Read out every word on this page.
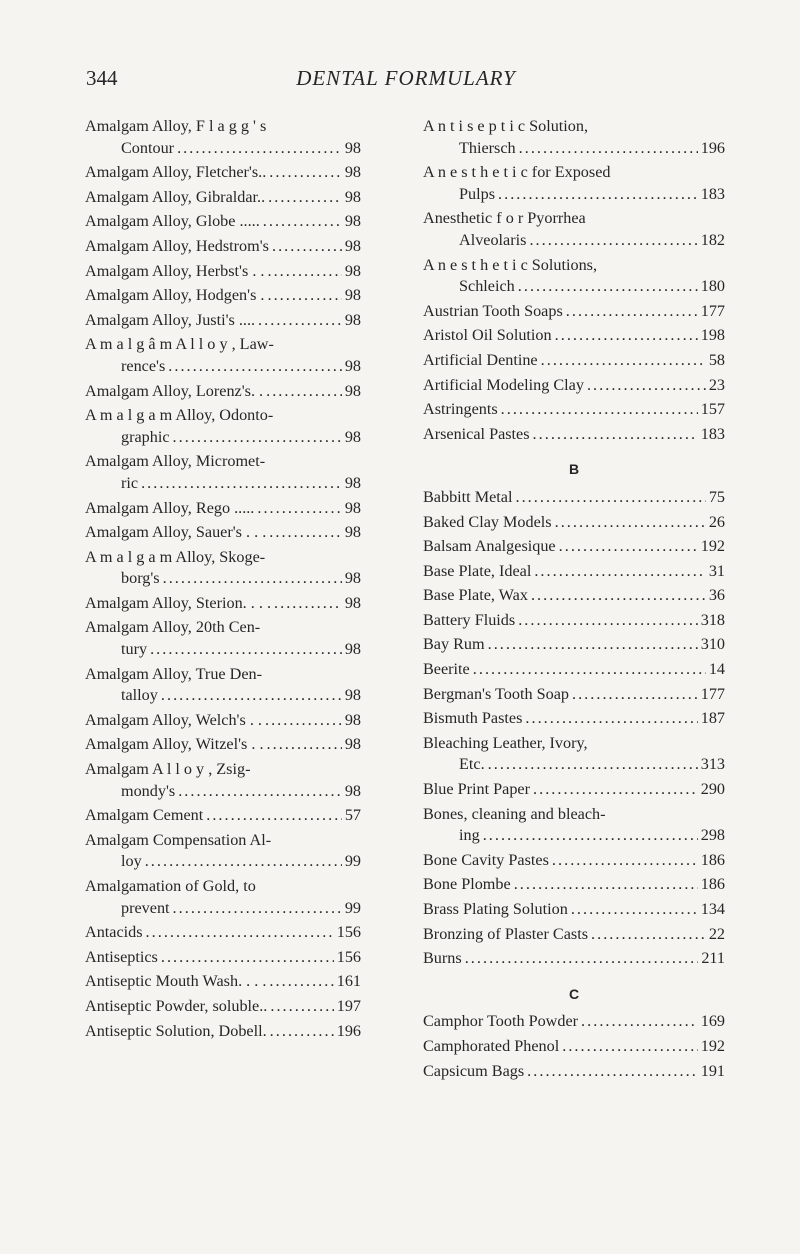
344	DENTAL FORMULARY
Amalgam Alloy, F l a g g ' s
Contour . . .	98
Amalgam Alloy, Fletcher's.. . . .	98
Amalgam Alloy, Gibraldar.. . . .	98
Amalgam Alloy, Globe ..... . . .	98
Amalgam Alloy, Hedstrom's . . .	98
Amalgam Alloy, Herbst's . . . . .	98
Amalgam Alloy, Hodgen's . . . .	98
Amalgam Alloy, Justi's .... . . .	98
A m a l g â m A l l o y , Law-
rence's . . .	98
Amalgam Alloy, Lorenz's. . . . .	98
A m a l g a m Alloy, Odonto-
graphic . . .	98
Amalgam Alloy, Micromet-
ric . . .	98
Amalgam Alloy, Rego ..... . . .	98
Amalgam Alloy, Sauer's . . . . . .	98
A m a l g a m Alloy, Skoge-
borg's . . .	98
Amalgam Alloy, Sterion. . . . . . .	98
Amalgam Alloy, 20th Cen-
tury . . .	98
Amalgam Alloy, True Den-
talloy . . .	98
Amalgam Alloy, Welch's . . . . .	98
Amalgam Alloy, Witzel's . . . . .	98
Amalgam A l l o y , Zsig-
mondy's . . .	98
Amalgam Cement . . .	57
Amalgam Compensation Al-
loy . . .	99
Amalgamation of Gold, to
prevent . . .	99
Antacids . . .	156
Antiseptics . . .	156
Antiseptic Mouth Wash. . . . . . .	161
Antiseptic Powder, soluble.. . . .	197
Antiseptic Solution, Dobell. . . .	196
A n t i s e p t i c Solution,
Thiersch . . .	196
A n e s t h e t i c for Exposed
Pulps . . .	183
Anesthetic f o r Pyorrhea
Alveolaris . . .	182
A n e s t h e t i c Solutions,
Schleich . . .	180
Austrian Tooth Soaps . . .	177
Aristol Oil Solution . . .	198
Artificial Dentine . . .	58
Artificial Modeling Clay . . .	23
Astringents . . .	157
Arsenical Pastes . . .	183
B
Babbitt Metal . . .	75
Baked Clay Models . . .	26
Balsam Analgesique . . .	192
Base Plate, Ideal . . .	31
Base Plate, Wax . . .	36
Battery Fluids . . .	318
Bay Rum . . .	310
Beerite . . .	14
Bergman's Tooth Soap . . .	177
Bismuth Pastes . . .	187
Bleaching Leather, Ivory,
Etc. . . .	313
Blue Print Paper . . .	290
Bones, cleaning and bleach-
ing . . .	298
Bone Cavity Pastes . . .	186
Bone Plombe . . .	186
Brass Plating Solution . . .	134
Bronzing of Plaster Casts . . .	22
Burns . . .	211
C
Camphor Tooth Powder . . .	169
Camphorated Phenol . . .	192
Capsicum Bags . . .	191
